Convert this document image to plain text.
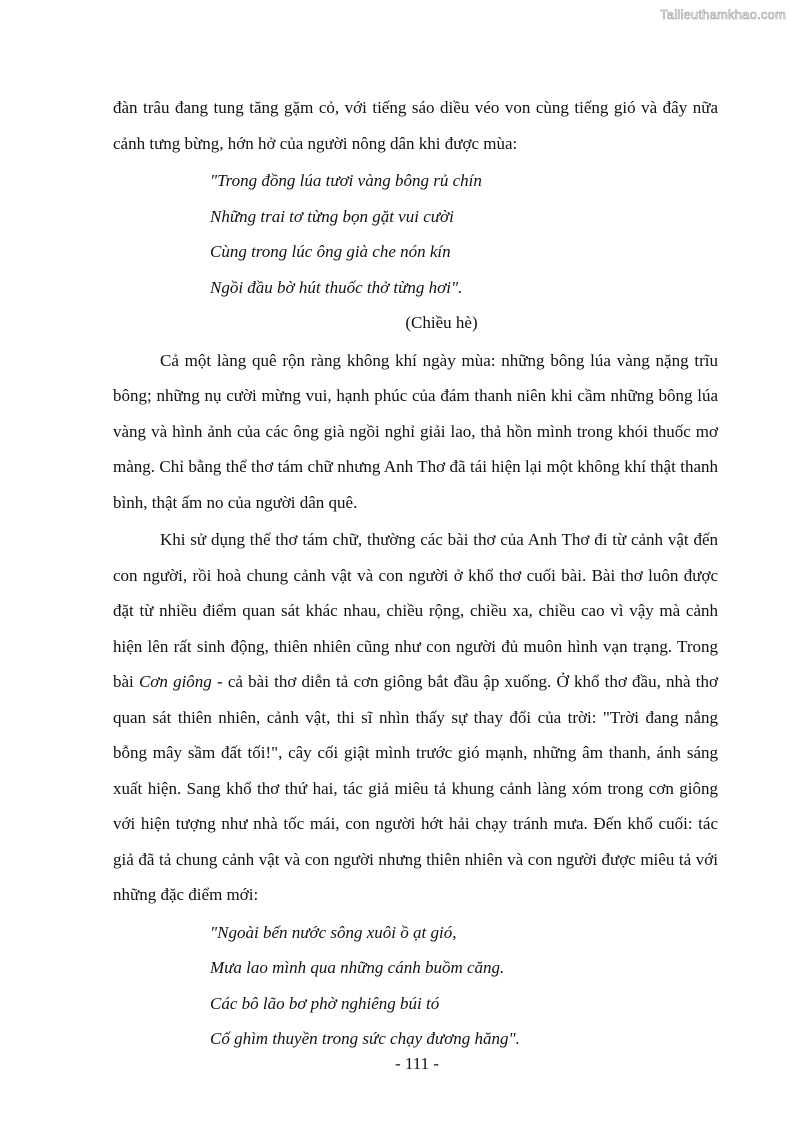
Tailieuthamkhao.com

đàn trâu đang tung tăng gặm cỏ, với tiếng sáo diều véo von cùng tiếng gió và đây nữa cảnh tưng bừng, hớn hở của người nông dân khi được mùa:

"Trong đồng lúa tươi vàng bông rủ chín
Những trai tơ từng bọn gặt vui cười
Cùng trong lúc ông già che nón kín
Ngồi đầu bờ hút thuốc thở từng hơi".

(Chiều hè)

Cả một làng quê rộn ràng không khí ngày mùa: những bông lúa vàng nặng trĩu bông; những nụ cười mừng vui, hạnh phúc của đám thanh niên khi cầm những bông lúa vàng và hình ảnh của các ông già ngồi nghỉ giải lao, thả hồn mình trong khói thuốc mơ màng. Chỉ bằng thể thơ tám chữ nhưng Anh Thơ đã tái hiện lại một không khí thật thanh bình, thật ấm no của người dân quê.

Khi sử dụng thể thơ tám chữ, thường các bài thơ của Anh Thơ đi từ cảnh vật đến con người, rồi hoà chung cảnh vật và con người ở khổ thơ cuối bài. Bài thơ luôn được đặt từ nhiều điểm quan sát khác nhau, chiều rộng, chiều xa, chiều cao vì vậy mà cảnh hiện lên rất sinh động, thiên nhiên cũng như con người đủ muôn hình vạn trạng. Trong bài Cơn giông - cả bài thơ diễn tả cơn giông bắt đầu ập xuống. Ở khổ thơ đầu, nhà thơ quan sát thiên nhiên, cảnh vật, thi sĩ nhìn thấy sự thay đổi của trời: "Trời đang nắng bỗng mây sầm đất tối!", cây cối giật mình trước gió mạnh, những âm thanh, ánh sáng xuất hiện. Sang khổ thơ thứ hai, tác giả miêu tả khung cảnh làng xóm trong cơn giông với hiện tượng như nhà tốc mái, con người hớt hải chạy tránh mưa. Đến khổ cuối: tác giả đã tả chung cảnh vật và con người nhưng thiên nhiên và con người được miêu tả với những đặc điểm mới:

"Ngoài bến nước sông xuôi ồ ạt gió,
Mưa lao mình qua những cánh buồm căng.
Các bô lão bơ phờ nghiêng búi tó
Cố ghìm thuyền trong sức chạy đương hăng".
- 111 -
